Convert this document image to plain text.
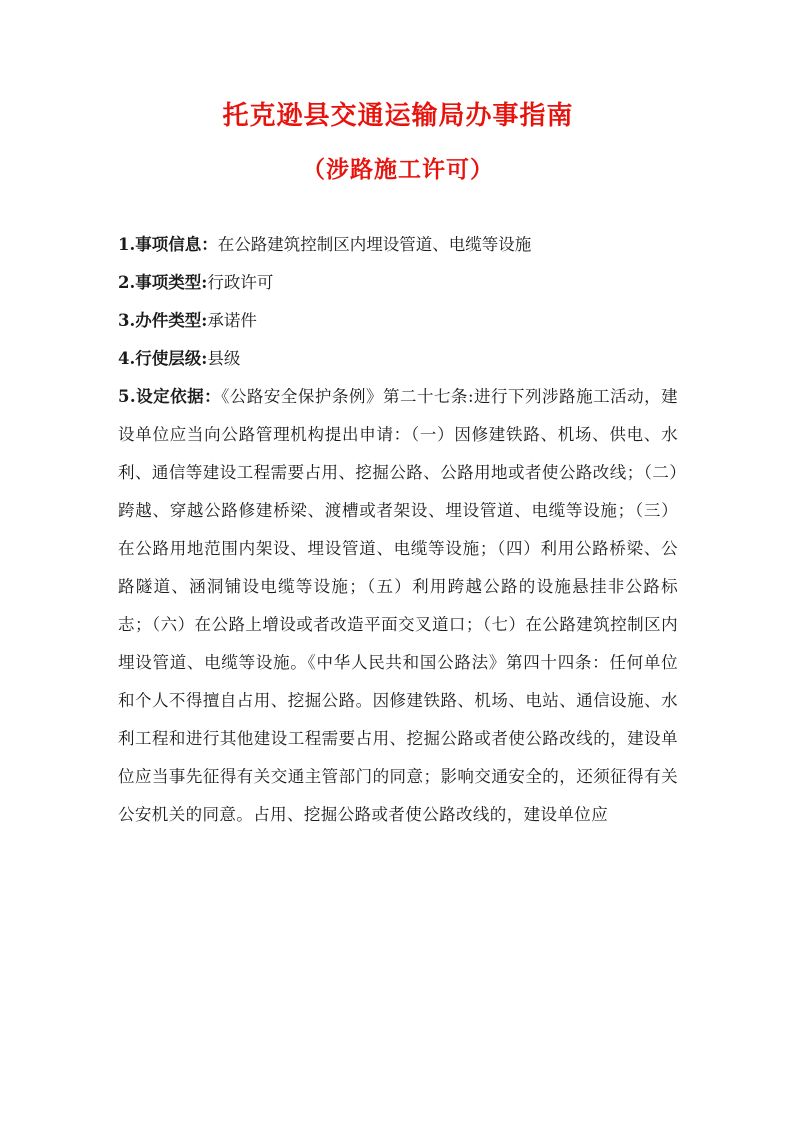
托克逊县交通运输局办事指南
（涉路施工许可）

1.事项信息：在公路建筑控制区内埋设管道、电缆等设施

2.事项类型:行政许可

3.办件类型:承诺件

4.行使层级:县级

5.设定依据：《公路安全保护条例》第二十七条:进行下列涉路施工活动，建设单位应当向公路管理机构提出申请：（一）因修建铁路、机场、供电、水利、通信等建设工程需要占用、挖掘公路、公路用地或者使公路改线；（二）跨越、穿越公路修建桥梁、渡槽或者架设、埋设管道、电缆等设施；（三）在公路用地范围内架设、埋设管道、电缆等设施；（四）利用公路桥梁、公路隧道、涵洞铺设电缆等设施；（五）利用跨越公路的设施悬挂非公路标志；（六）在公路上增设或者改造平面交叉道口；（七）在公路建筑控制区内埋设管道、电缆等设施。《中华人民共和国公路法》第四十四条：任何单位和个人不得擅自占用、挖掘公路。因修建铁路、机场、电站、通信设施、水利工程和进行其他建设工程需要占用、挖掘公路或者使公路改线的，建设单位应当事先征得有关交通主管部门的同意；影响交通安全的，还须征得有关公安机关的同意。占用、挖掘公路或者使公路改线的，建设单位应
